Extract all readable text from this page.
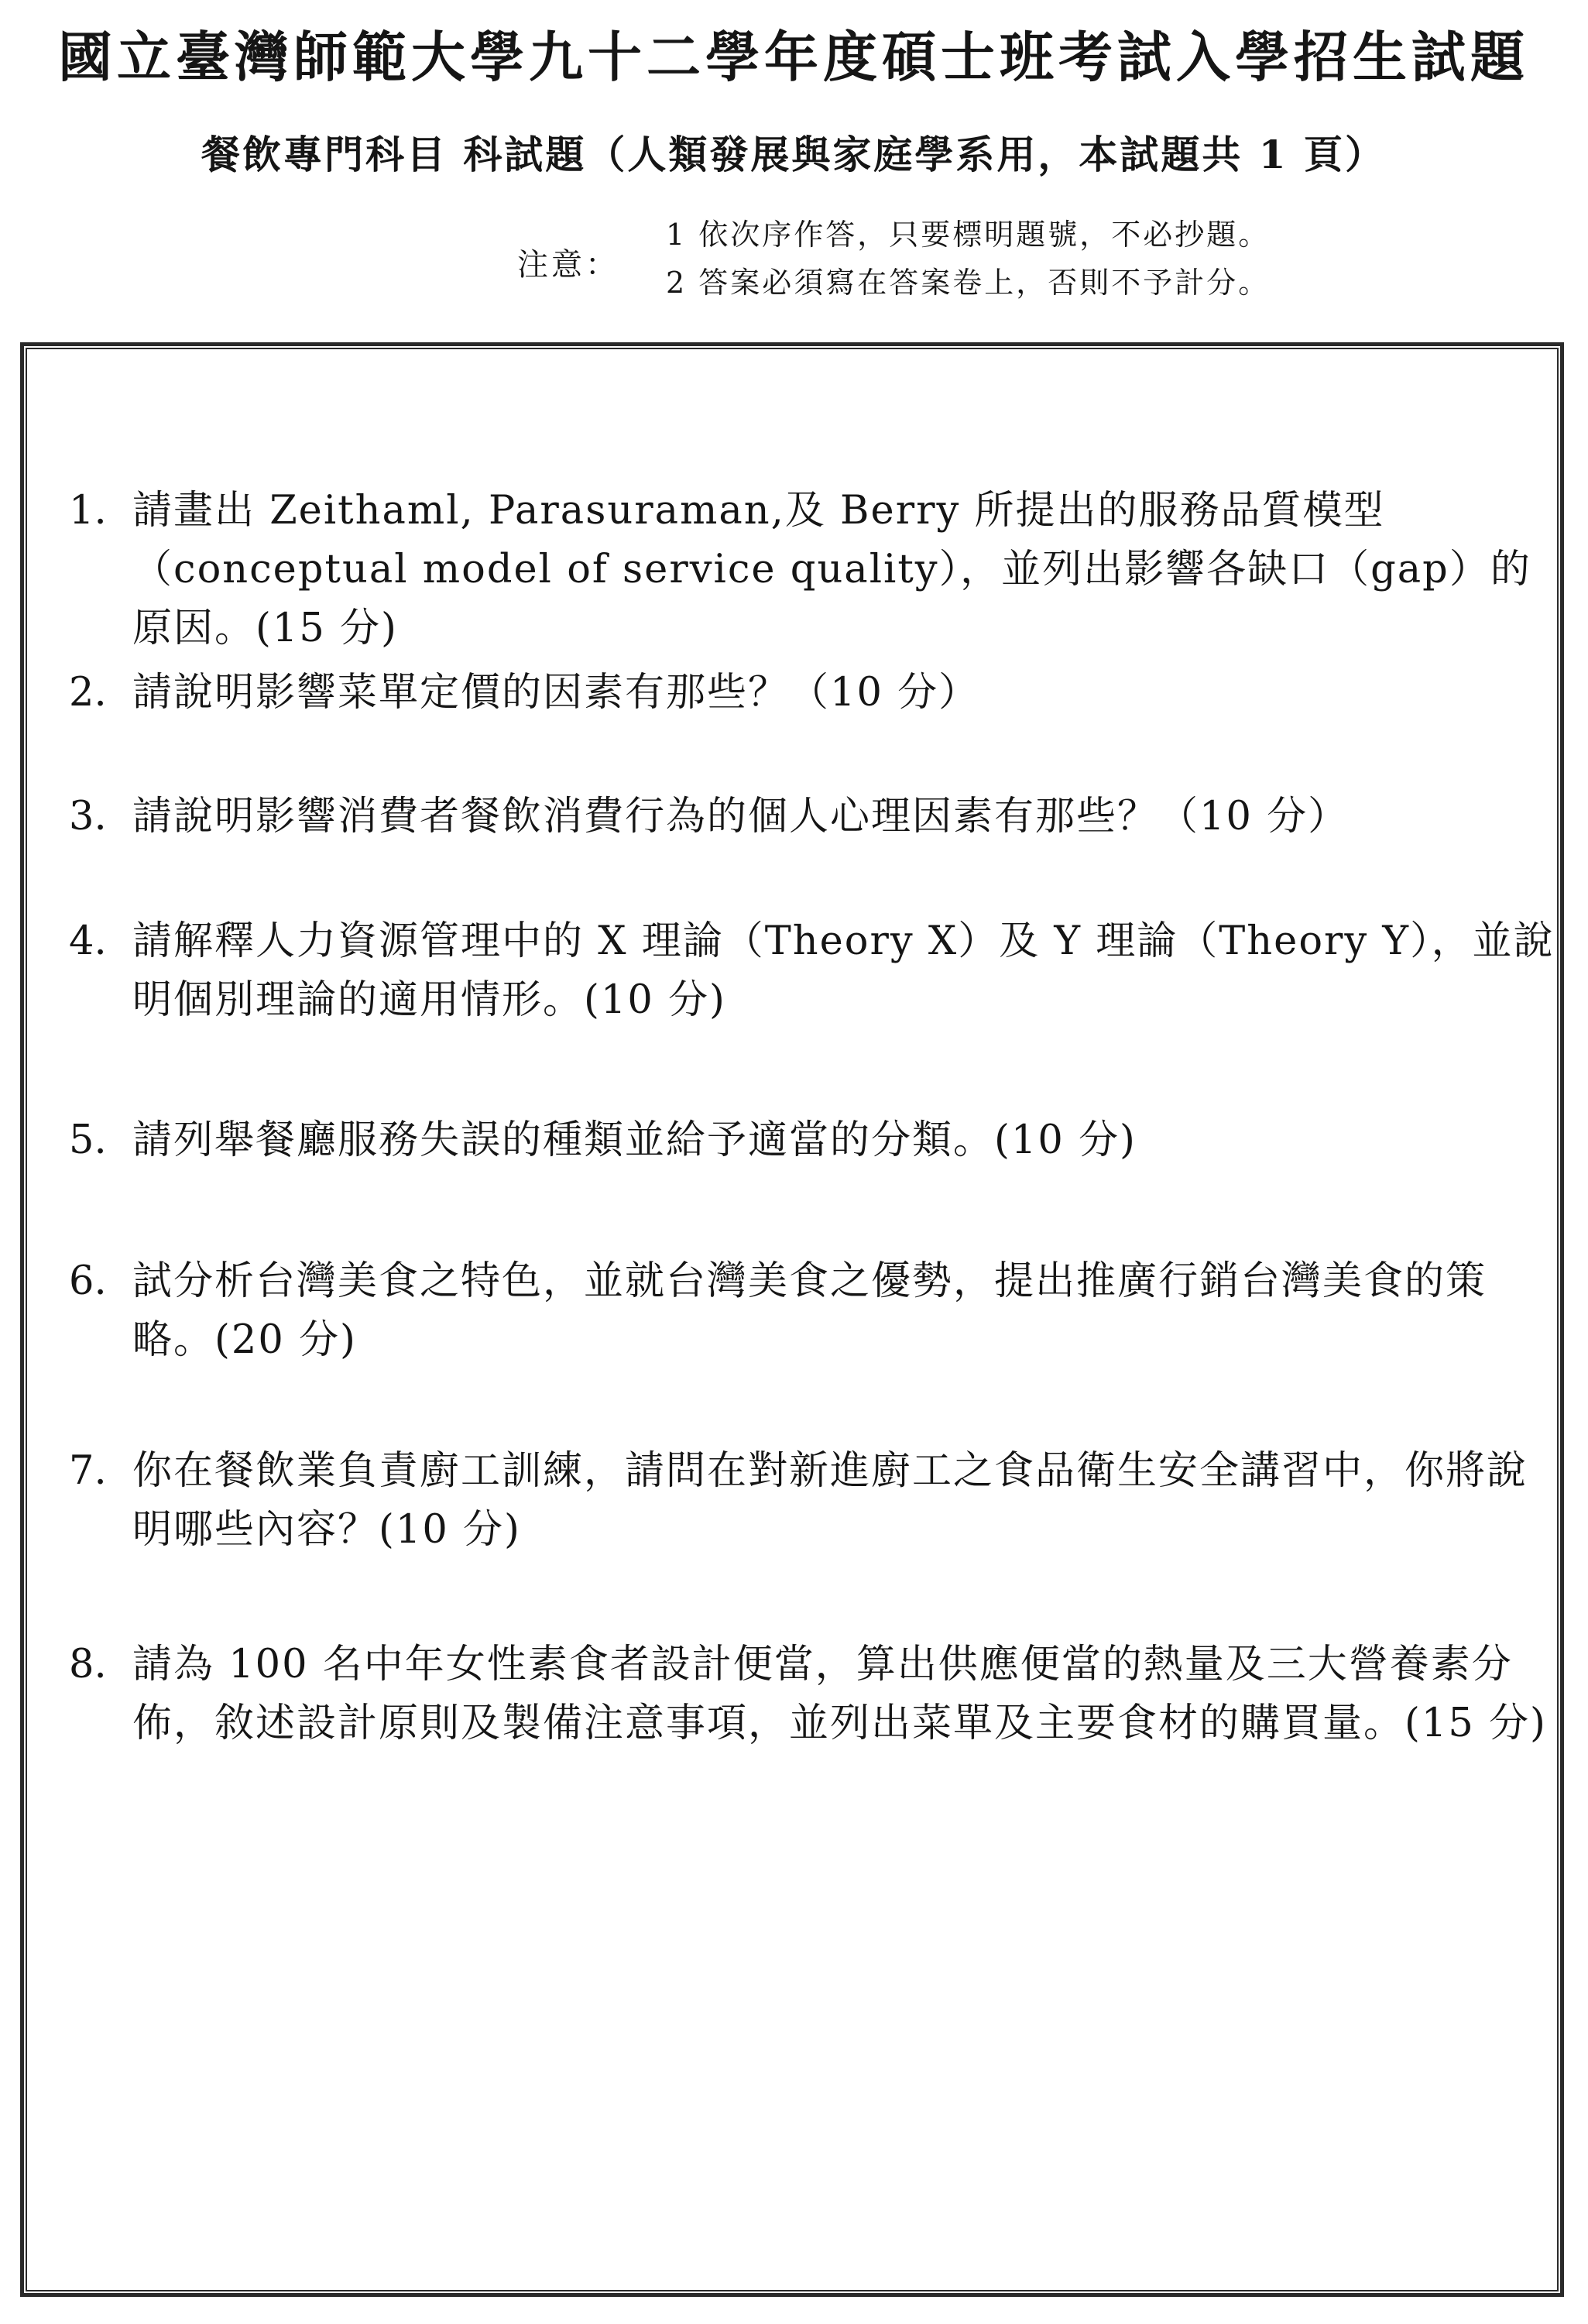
國立臺灣師範大學九十二學年度碩士班考試入學招生試題
餐飲專門科目 科試題（人類發展與家庭學系用，本試題共 1 頁）
注意：
1 依次序作答，只要標明題號，不必抄題。
2 答案必須寫在答案卷上，否則不予計分。
1. 請畫出 Zeithaml, Parasuraman,及 Berry 所提出的服務品質模型（conceptual model of service quality），並列出影響各缺口（gap）的原因。(15 分)
2. 請說明影響菜單定價的因素有那些？（10 分）
3. 請說明影響消費者餐飲消費行為的個人心理因素有那些？（10 分）
4. 請解釋人力資源管理中的 X 理論（Theory X）及 Y 理論（Theory Y），並說明個別理論的適用情形。(10 分)
5. 請列舉餐廳服務失誤的種類並給予適當的分類。(10 分)
6. 試分析台灣美食之特色，並就台灣美食之優勢，提出推廣行銷台灣美食的策略。(20 分)
7. 你在餐飲業負責廚工訓練，請問在對新進廚工之食品衛生安全講習中，你將說明哪些內容？(10 分)
8. 請為 100 名中年女性素食者設計便當，算出供應便當的熱量及三大營養素分佈，敘述設計原則及製備注意事項，並列出菜單及主要食材的購買量。(15 分)
